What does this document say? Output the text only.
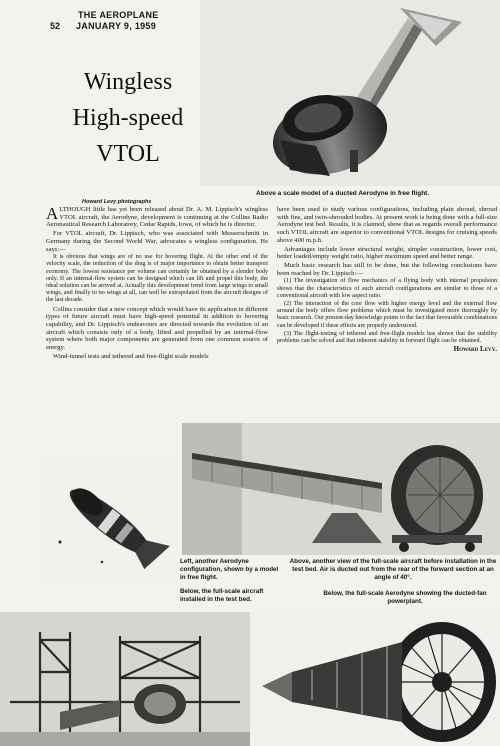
THE AEROPLANE
52 JANUARY 9, 1959
Wingless
High-speed
VTOL
Howard Levy photographs
Above a scale model of a ducted Aerodyne in free flight.

ALTHOUGH little has yet been released about Dr. A. M. Lippisch's wingless VTOL aircraft, the Aerodyne, development is continuing at the Collins Radio Aeronautical Research Laboratory, Cedar Rapids, Iowa, of which he is director.

For VTOL aircraft, Dr. Lippisch, who was associated with Messerschmitt in Germany during the Second World War, advocates a wingless configuration. He says:—

It is obvious that wings are of no use for hovering flight. At the other end of the velocity scale, the reduction of the drag is of major importance to obtain better transport economy. The lowest resistance per volume can certainly be obtained by a slender body only. If an internal-flow system can be designed which can lift and propel this body, the ideal solution can be arrived at. Actually this development trend from large wings to small wings, and finally to no wings at all, can well be extrapolated from the aircraft designs of the last decade.

Collins consider that a new concept which would have its application in different types of future aircraft must have high-speed potential in addition to hovering capability, and Dr. Lippisch's endeavours are directed towards the evolution of an aircraft which consists only of a body, lifted and propelled by an internal-flow system where both major components are generated from one common source of energy.

Wind-tunnel tests and tethered and free-flight scale models

have been used to study various configurations, including plain shroud, shroud with fins, and twin-shrouded bodies. At present work is being done with a full-size Aerodyne test bed. Results, it is claimed, show that as regards overall performance such VTOL aircraft are superior to conventional VTOL designs for cruising speeds above 400 m.p.h.

Advantages include lower structural weight, simpler construction, lower cost, better loaded/empty weight ratio, higher maximum speed and better range.

Much basic research has still to be done, but the following conclusions have been reached by Dr. Lippisch:—

(1) The investigation of flow mechanics of a flying body with internal propulsion shows that the characteristics of such aircraft configurations are similar to those of a conventional aircraft with low aspect ratio.

(2) The interaction of the core flow with higher energy level and the external flow around the body offers flow problems which must be investigated more thoroughly by basic research. Our present-day knowledge points to the fact that favourable combinations can be developed if these effects are properly understood.

(3) The flight-testing of tethered and free-flight models has shown that the stability problems can be solved and that inherent stability in forward flight can be obtained.

Howard Levy.
Left, another Aerodyne configuration, shown by a model in free flight.
Below, the full-scale aircraft installed in the test bed.
Above, another view of the full-scale aircraft before installation in the test bed. Air is ducted out from the rear of the forward section at an angle of 40°.
Below, the full-scale Aerodyne showing the ducted-fan powerplant.
